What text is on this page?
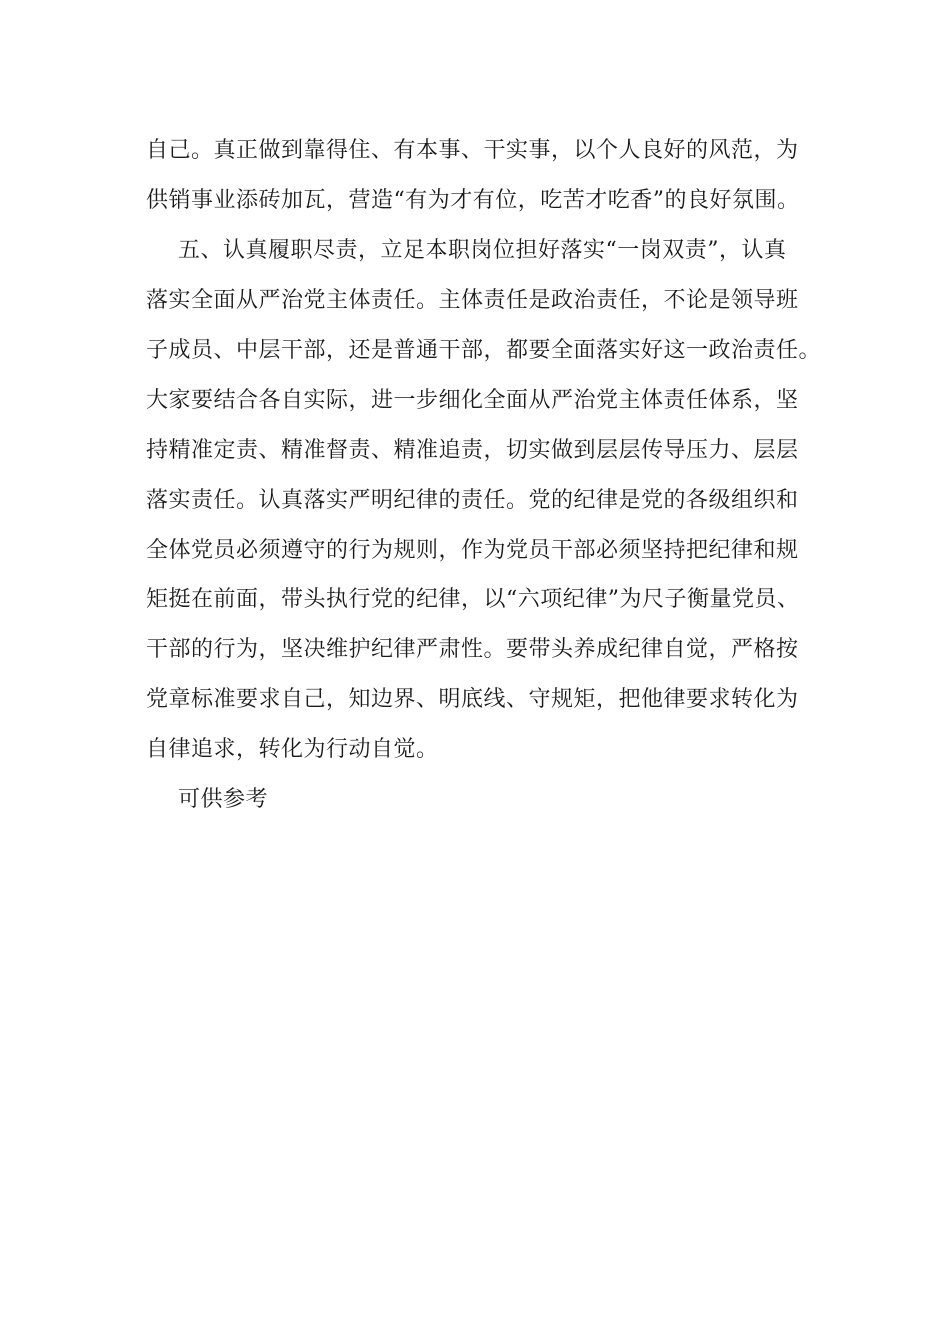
自己。真正做到靠得住、有本事、干实事，以个人良好的风范，为
供销事业添砖加瓦，营造“有为才有位，吃苦才吃香”的良好氛围。
五、认真履职尽责，立足本职岗位担好落实“一岗双责”，认真
落实全面从严治党主体责任。主体责任是政治责任，不论是领导班
子成员、中层干部，还是普通干部，都要全面落实好这一政治责任。
大家要结合各自实际，进一步细化全面从严治党主体责任体系，坚
持精准定责、精准督责、精准追责，切实做到层层传导压力、层层
落实责任。认真落实严明纪律的责任。党的纪律是党的各级组织和
全体党员必须遵守的行为规则，作为党员干部必须坚持把纪律和规
矩挺在前面，带头执行党的纪律，以“六项纪律”为尺子衡量党员、
干部的行为，坚决维护纪律严肃性。要带头养成纪律自觉，严格按
党章标准要求自己，知边界、明底线、守规矩，把他律要求转化为
自律追求，转化为行动自觉。
可供参考
